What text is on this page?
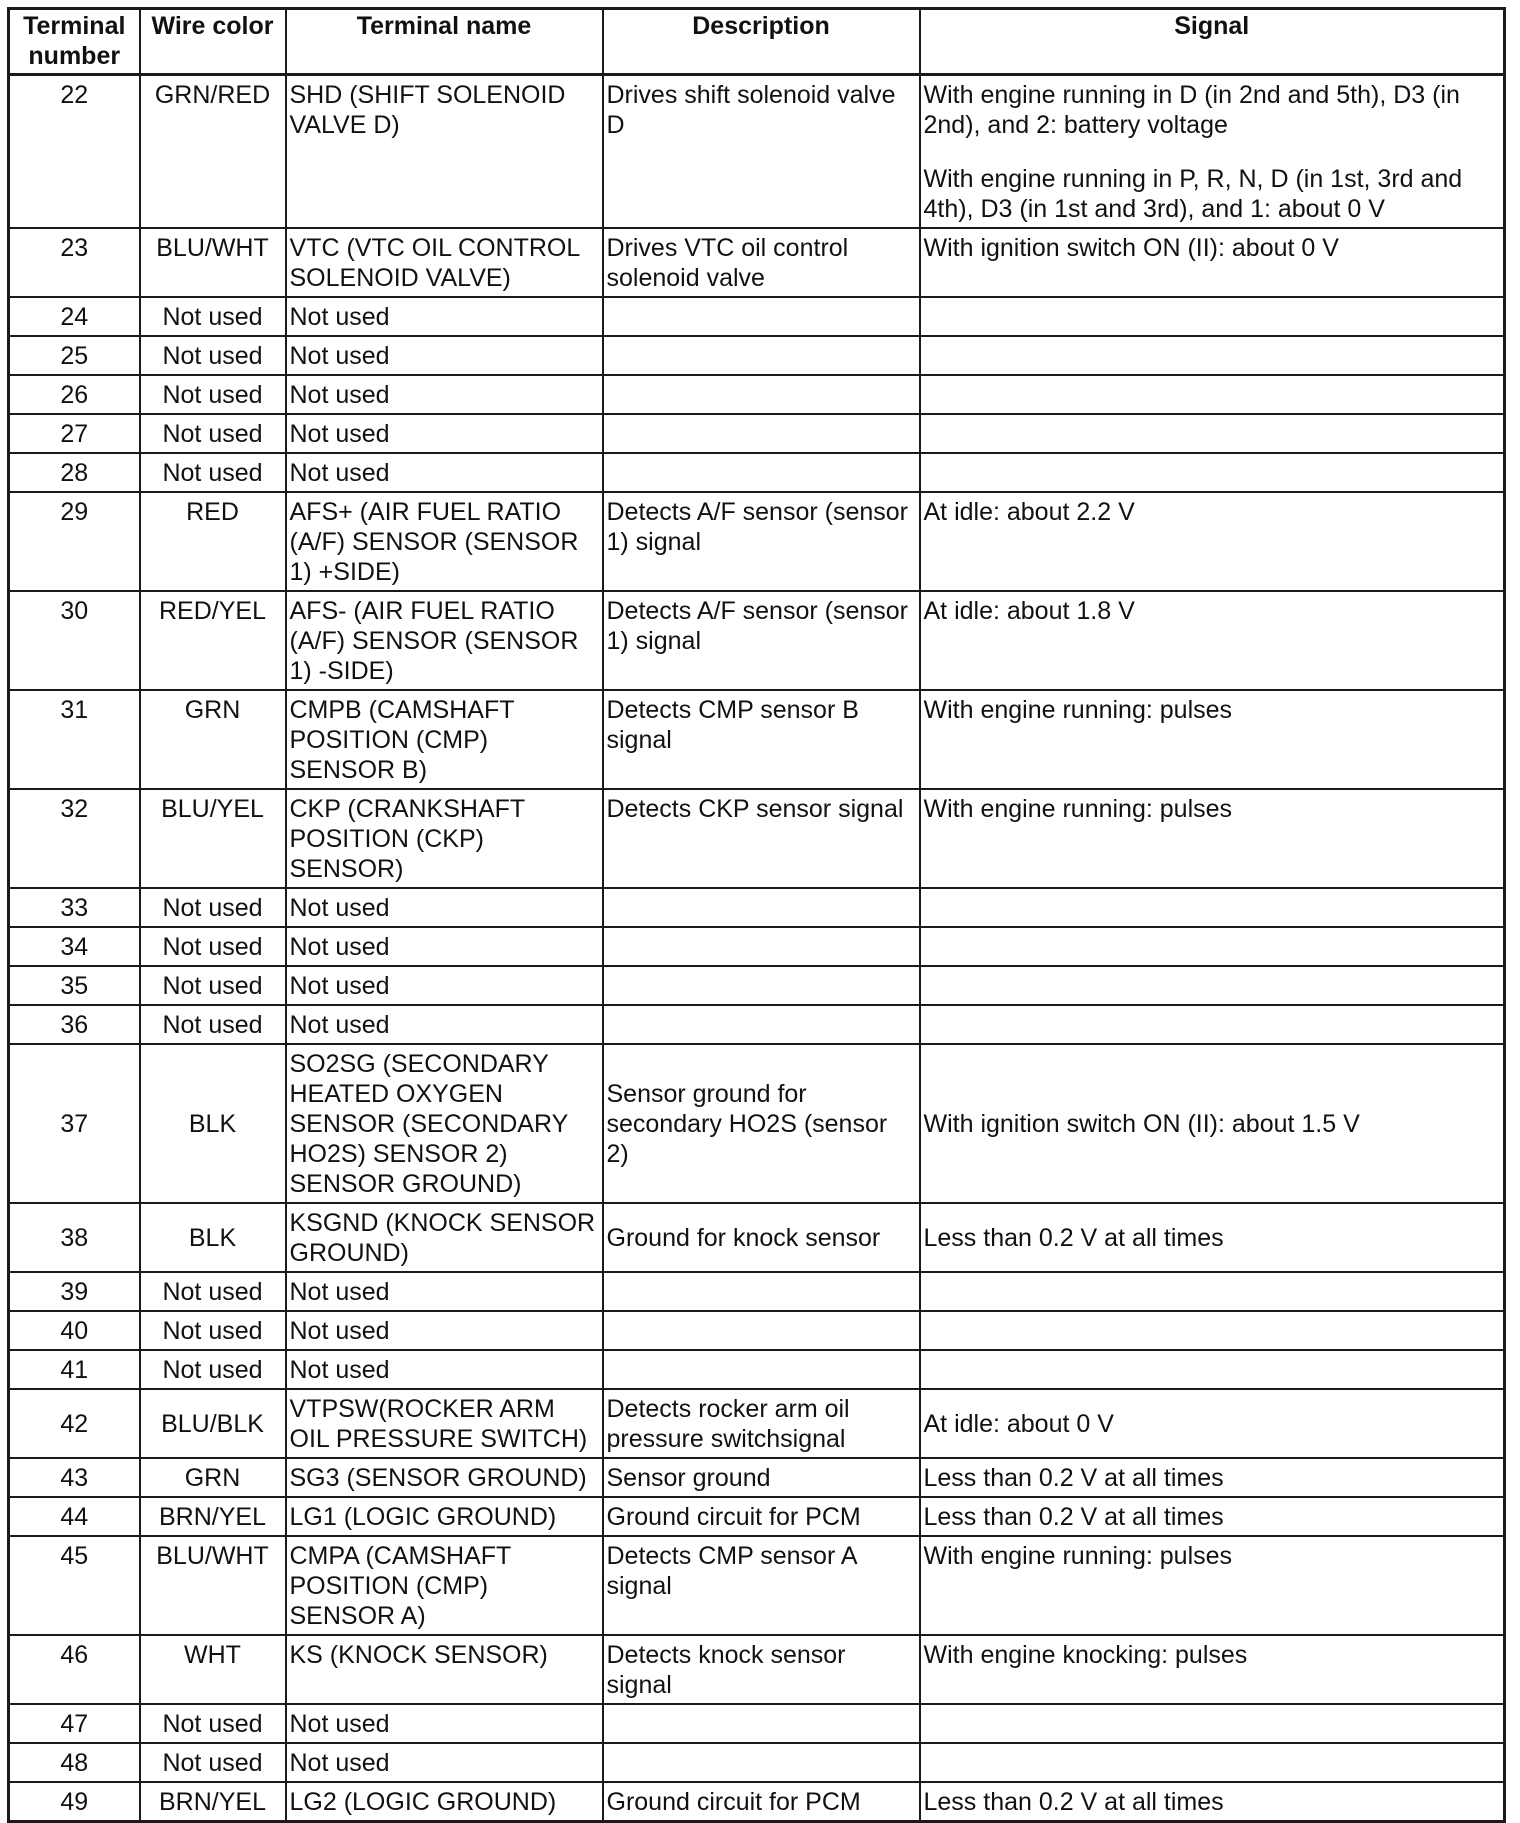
Terminal number	Wire color	Terminal name	Description	Signal
22	GRN/RED	SHD (SHIFT SOLENOID VALVE D)	Drives shift solenoid valve D	With engine running in D (in 2nd and 5th), D3 (in 2nd), and 2: battery voltage
With engine running in P, R, N, D (in 1st, 3rd and 4th), D3 (in 1st and 3rd), and 1: about 0 V

23	BLU/WHT	VTC (VTC OIL CONTROL SOLENOID VALVE)	Drives VTC oil control solenoid valve	With ignition switch ON (II): about 0 V

24	Not used	Not used		
25	Not used	Not used		
26	Not used	Not used		
27	Not used	Not used		
28	Not used	Not used		
29	RED	AFS+ (AIR FUEL RATIO (A/F) SENSOR (SENSOR 1) +SIDE)	Detects A/F sensor (sensor 1) signal	At idle: about 2.2 V

30	RED/YEL	AFS- (AIR FUEL RATIO (A/F) SENSOR (SENSOR 1) -SIDE)	Detects A/F sensor (sensor 1) signal	At idle: about 1.8 V

31	GRN	CMPB (CAMSHAFT POSITION (CMP) SENSOR B)	Detects CMP sensor B signal	With engine running: pulses

32	BLU/YEL	CKP (CRANKSHAFT POSITION (CKP) SENSOR)	Detects CKP sensor signal	With engine running: pulses

33	Not used	Not used		
34	Not used	Not used		
35	Not used	Not used		
36	Not used	Not used		
37	BLK	SO2SG (SECONDARY HEATED OXYGEN SENSOR (SECONDARY HO2S) SENSOR 2) SENSOR GROUND)	Sensor ground for secondary HO2S (sensor 2)	With ignition switch ON (II): about 1.5 V

38	BLK	KSGND (KNOCK SENSOR GROUND)	Ground for knock sensor	Less than 0.2 V at all times

39	Not used	Not used		
40	Not used	Not used		
41	Not used	Not used		
42	BLU/BLK	VTPSW(ROCKER ARM OIL PRESSURE SWITCH)	Detects rocker arm oil pressure switchsignal	At idle: about 0 V

43	GRN	SG3 (SENSOR GROUND)	Sensor ground	Less than 0.2 V at all times

44	BRN/YEL	LG1 (LOGIC GROUND)	Ground circuit for PCM	Less than 0.2 V at all times

45	BLU/WHT	CMPA (CAMSHAFT POSITION (CMP) SENSOR A)	Detects CMP sensor A signal	With engine running: pulses

46	WHT	KS (KNOCK SENSOR)	Detects knock sensor signal	With engine knocking: pulses

47	Not used	Not used		
48	Not used	Not used		
49	BRN/YEL	LG2 (LOGIC GROUND)	Ground circuit for PCM	Less than 0.2 V at all times
